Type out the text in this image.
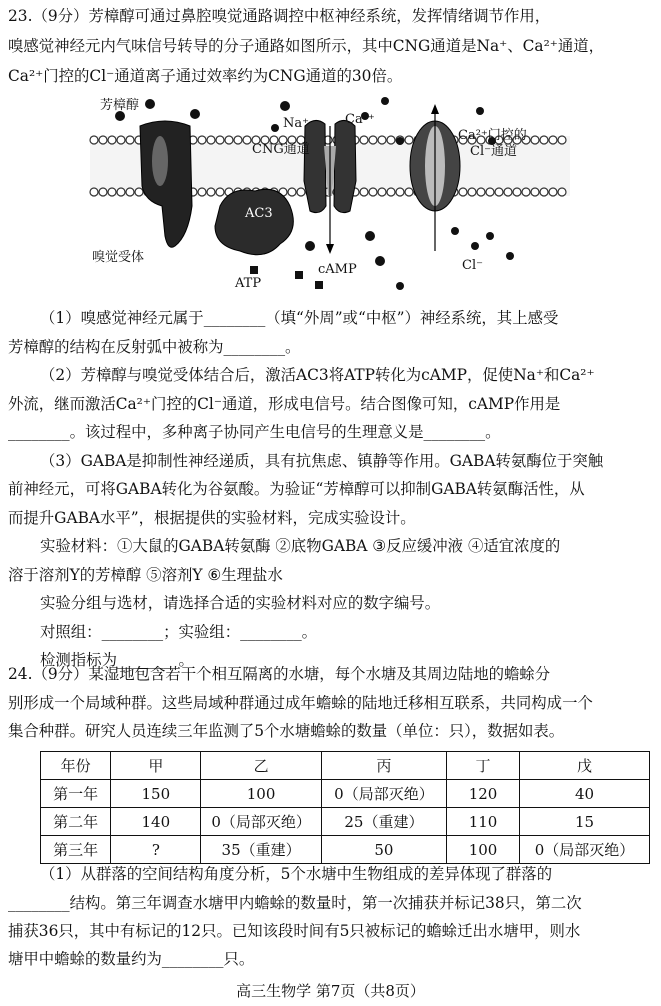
23.（9分）芳樟醇可通过鼻腔嗅觉通路调控中枢神经系统，发挥情绪调节作用，
嗅感觉神经元内气味信号转导的分子通路如图所示，其中CNG通道是Na⁺、Ca²⁺通道，
Ca²⁺门控的Cl⁻通道离子通过效率约为CNG通道的30倍。
芳樟醇
Na⁺	Ca²⁺
CNG通道
Ca²⁺门控的
Cl⁻通道
AC3
嗅觉受体
cAMP
ATP
Cl⁻
（1）嗅感觉神经元属于________（填“外周”或“中枢”）神经系统，其上感受
芳樟醇的结构在反射弧中被称为________。
（2）芳樟醇与嗅觉受体结合后，激活AC3将ATP转化为cAMP，促使Na⁺和Ca²⁺
外流，继而激活Ca²⁺门控的Cl⁻通道，形成电信号。结合图像可知，cAMP作用是
________。该过程中，多种离子协同产生电信号的生理意义是________。
（3）GABA是抑制性神经递质，具有抗焦虑、镇静等作用。GABA转氨酶位于突触
前神经元，可将GABA转化为谷氨酸。为验证“芳樟醇可以抑制GABA转氨酶活性，从
而提升GABA水平”，根据提供的实验材料，完成实验设计。
实验材料：①大鼠的GABA转氨酶 ②底物GABA ③反应缓冲液 ④适宜浓度的
溶于溶剂Y的芳樟醇 ⑤溶剂Y ⑥生理盐水
实验分组与选材，请选择合适的实验材料对应的数字编号。
对照组：________；实验组：________。
检测指标为________。
24.（9分）某湿地包含若干个相互隔离的水塘，每个水塘及其周边陆地的蟾蜍分
别形成一个局域种群。这些局域种群通过成年蟾蜍的陆地迁移相互联系，共同构成一个
集合种群。研究人员连续三年监测了5个水塘蟾蜍的数量（单位：只），数据如表。
年份	甲	乙	丙	丁	戊
第一年	150	100	0（局部灭绝）	120	40
第二年	140	0（局部灭绝）	25（重建）	110	15
第三年	?	35（重建）	50	100	0（局部灭绝）
（1）从群落的空间结构角度分析，5个水塘中生物组成的差异体现了群落的
________结构。第三年调查水塘甲内蟾蜍的数量时，第一次捕获并标记38只，第二次
捕获36只，其中有标记的12只。已知该段时间有5只被标记的蟾蜍迁出水塘甲，则水
塘甲中蟾蜍的数量约为________只。
高三生物学 第7页（共8页）
